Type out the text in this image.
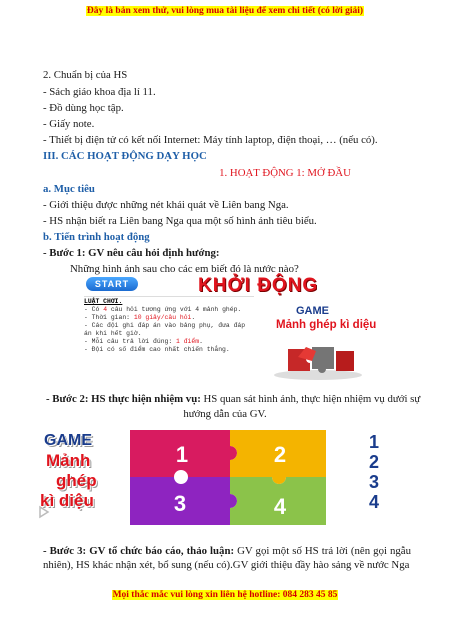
Đây là bản xem thử, vui lòng mua tài liệu để xem chi tiết (có lời giải)
2. Chuẩn bị của HS
- Sách giáo khoa địa lí 11.
- Đồ dùng học tập.
- Giấy note.
- Thiết bị điện tử có kết nối Internet: Máy tính laptop, điện thoại, … (nếu có).
III. CÁC HOẠT ĐỘNG DẠY HỌC
1. HOẠT ĐỘNG 1: MỞ ĐẦU
a. Mục tiêu
- Giới thiệu được những nét khái quát về Liên bang Nga.
- HS nhận biết ra Liên bang Nga qua một số hình ảnh tiêu biểu.
b. Tiến trình hoạt động
- Bước 1: GV nêu câu hỏi định hướng:
Những hình ảnh sau cho các em biết đó là nước nào?
START	KHỞI ĐỘNG
LUẬT CHƠI.
- Có 4 câu hỏi tương ứng với 4 mảnh ghép.
- Thời gian: 10 giây/câu hỏi.
- Các đội ghi đáp án vào bảng phụ, đưa đáp án khi hết giờ.
- Mỗi câu trả lời đúng: 1 điểm.
- Đội có số điểm cao nhất chiến thắng.
GAME
Mảnh ghép kì diệu
- Bước 2: HS thực hiện nhiệm vụ: HS quan sát hình ảnh, thực hiện nhiệm vụ dưới sự
hướng dẫn của GV.
GAME
Mảnh
ghép
kì diệu
1	2
3	4
1
2
3
4
- Bước 3: GV tổ chức báo cáo, thảo luận: GV gọi một số HS trả lời (nên gọi ngẫu nhiên), HS khác nhận xét, bổ sung (nếu có).GV giới thiệu đầy hào sảng về nước Nga
Mọi thắc mắc vui lòng xin liên hệ hotline: 084 283 45 85
